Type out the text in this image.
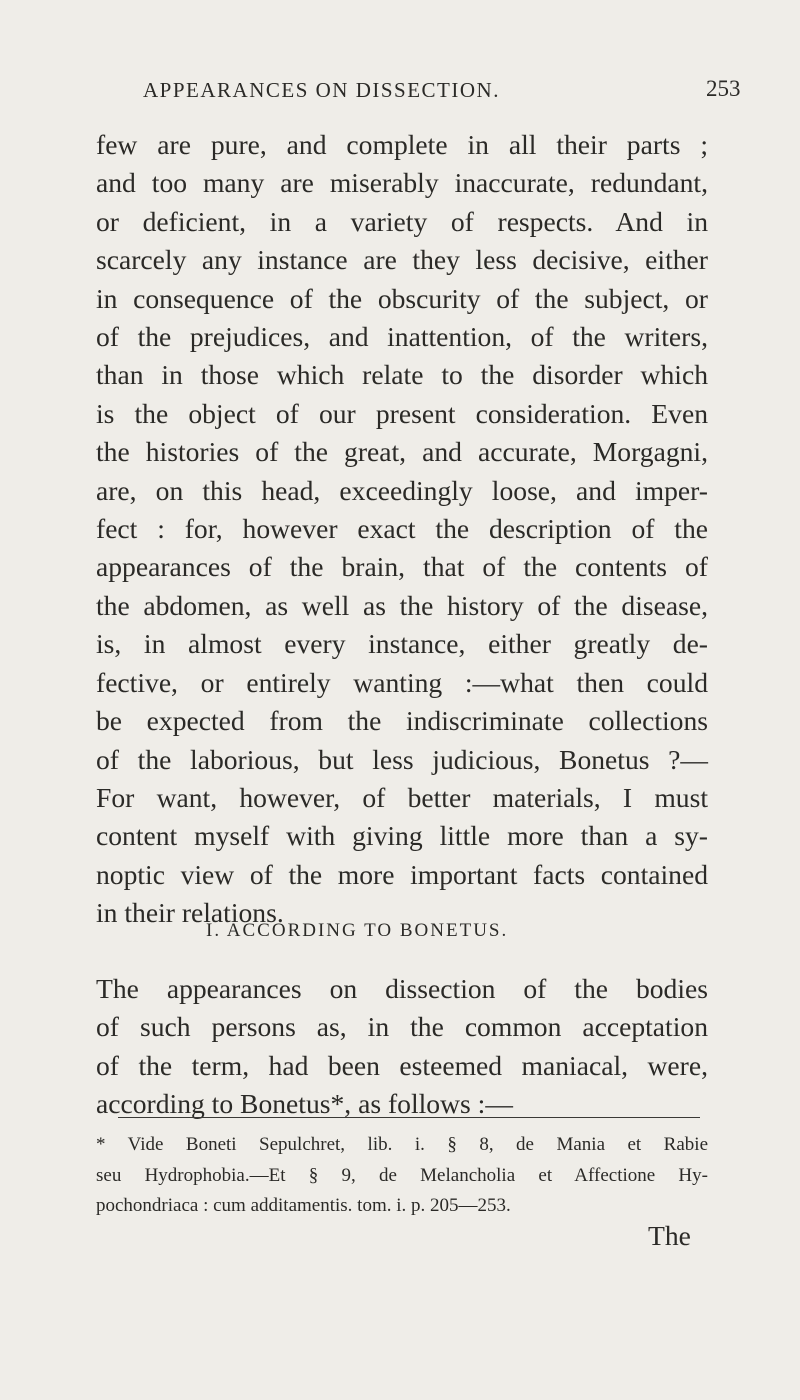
APPEARANCES ON DISSECTION.	253
few are pure, and complete in all their parts ;
and too many are miserably inaccurate, redundant,
or deficient, in a variety of respects. And in
scarcely any instance are they less decisive, either
in consequence of the obscurity of the subject, or
of the prejudices, and inattention, of the writers,
than in those which relate to the disorder which
is the object of our present consideration. Even
the histories of the great, and accurate, Morgagni,
are, on this head, exceedingly loose, and imper-
fect : for, however exact the description of the
appearances of the brain, that of the contents of
the abdomen, as well as the history of the disease,
is, in almost every instance, either greatly de-
fective, or entirely wanting :—what then could
be expected from the indiscriminate collections
of the laborious, but less judicious, Bonetus ?—
For want, however, of better materials, I must
content myself with giving little more than a sy-
noptic view of the more important facts contained
in their relations.
I. ACCORDING TO BONETUS.
The appearances on dissection of the bodies
of such persons as, in the common acceptation
of the term, had been esteemed maniacal, were,
according to Bonetus*, as follows :—
* Vide Boneti Sepulchret, lib. i. § 8, de Mania et Rabie
seu Hydrophobia.—Et § 9, de Melancholia et Affectione Hy-
pochondriaca : cum additamentis. tom. i. p. 205—253.
The
